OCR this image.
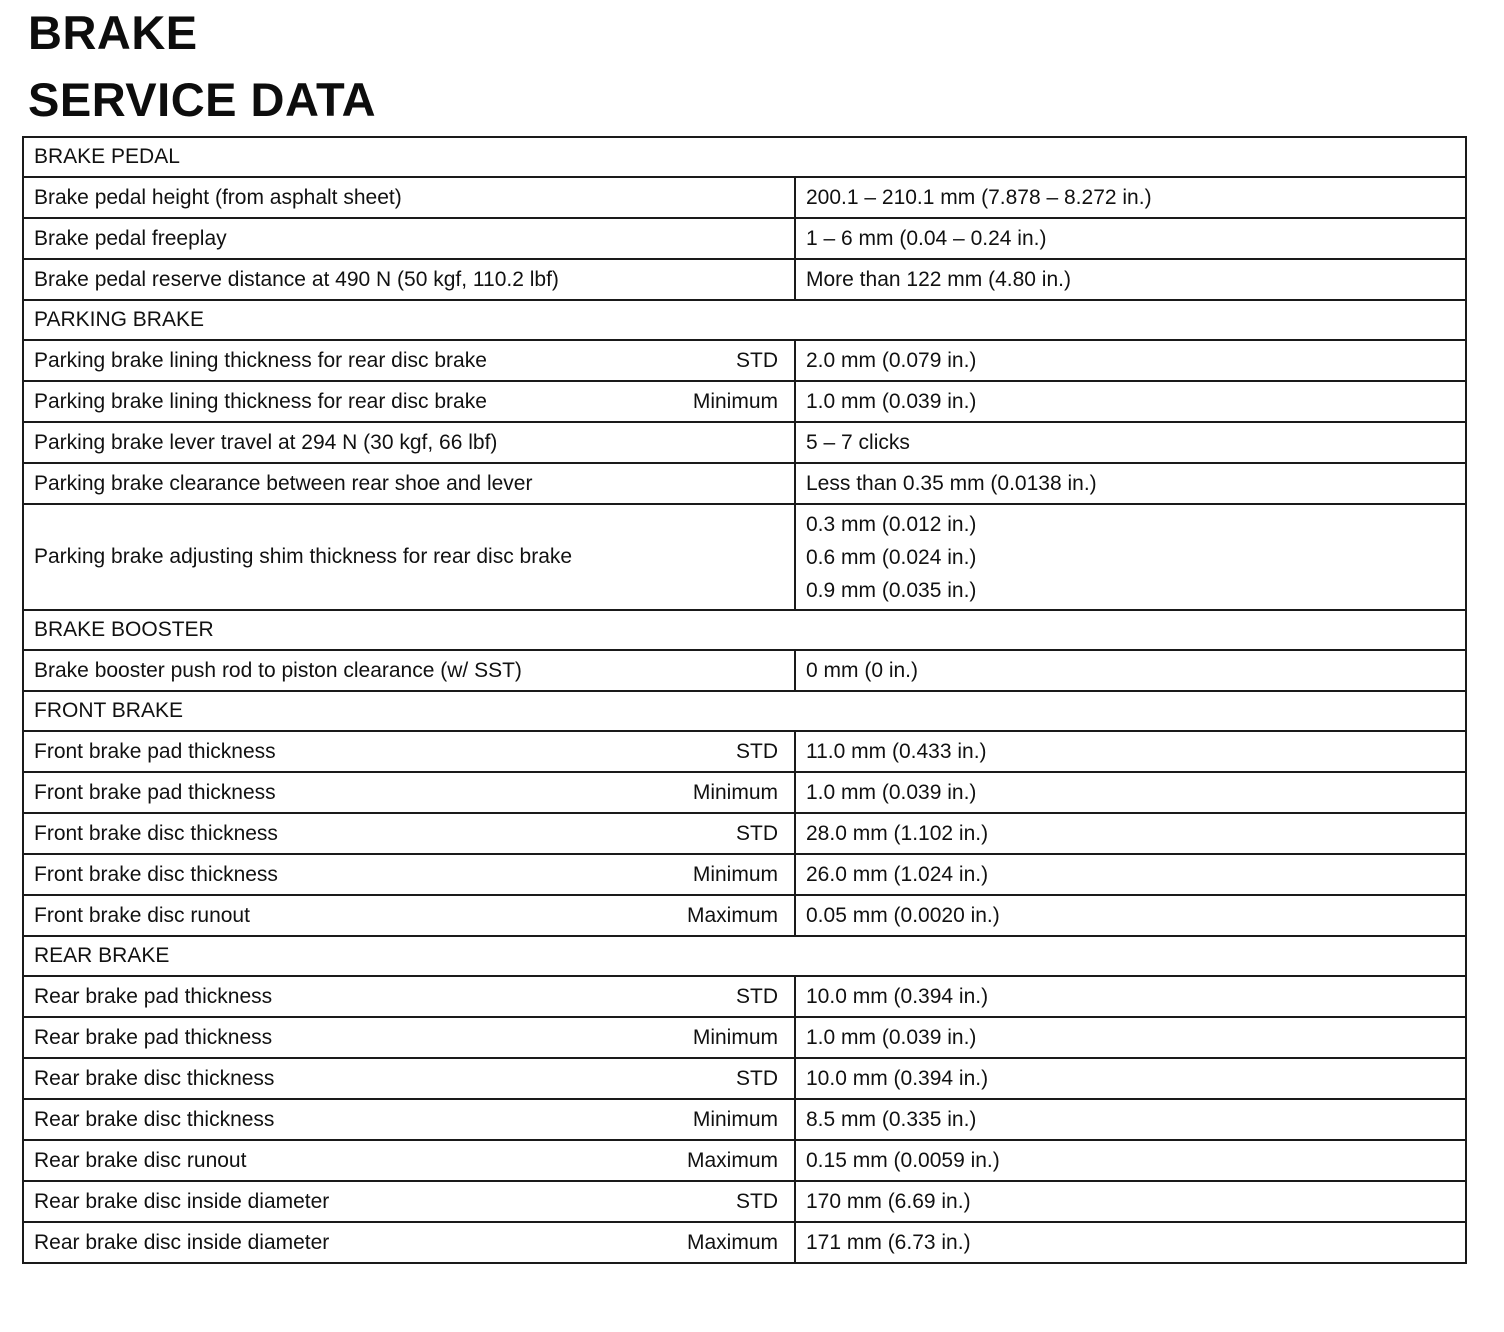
BRAKE
SERVICE DATA
BRAKE PEDAL	

Brake pedal height (from asphalt sheet)	200.1 – 210.1 mm (7.878 – 8.272 in.)

Brake pedal freeplay	1 – 6 mm (0.04 – 0.24 in.)

Brake pedal reserve distance at 490 N (50 kgf, 110.2 lbf)	More than 122 mm (4.80 in.)

PARKING BRAKE	

Parking brake lining thickness for rear disc brake STD	2.0 mm (0.079 in.)

Parking brake lining thickness for rear disc brake Minimum	1.0 mm (0.039 in.)

Parking brake lever travel at 294 N (30 kgf, 66 lbf)	5 – 7 clicks

Parking brake clearance between rear shoe and lever	Less than 0.35 mm (0.0138 in.)

Parking brake adjusting shim thickness for rear disc brake	0.3 mm (0.012 in.)
0.6 mm (0.024 in.)
0.9 mm (0.035 in.)

BRAKE BOOSTER	

Brake booster push rod to piston clearance (w/ SST)	0 mm (0 in.)

FRONT BRAKE	

Front brake pad thickness STD	11.0 mm (0.433 in.)

Front brake pad thickness Minimum	1.0 mm (0.039 in.)

Front brake disc thickness STD	28.0 mm (1.102 in.)

Front brake disc thickness Minimum	26.0 mm (1.024 in.)

Front brake disc runout Maximum	0.05 mm (0.0020 in.)

REAR BRAKE	

Rear brake pad thickness STD	10.0 mm (0.394 in.)

Rear brake pad thickness Minimum	1.0 mm (0.039 in.)

Rear brake disc thickness STD	10.0 mm (0.394 in.)

Rear brake disc thickness Minimum	8.5 mm (0.335 in.)

Rear brake disc runout Maximum	0.15 mm (0.0059 in.)

Rear brake disc inside diameter STD	170 mm (6.69 in.)

Rear brake disc inside diameter Maximum	171 mm (6.73 in.)
